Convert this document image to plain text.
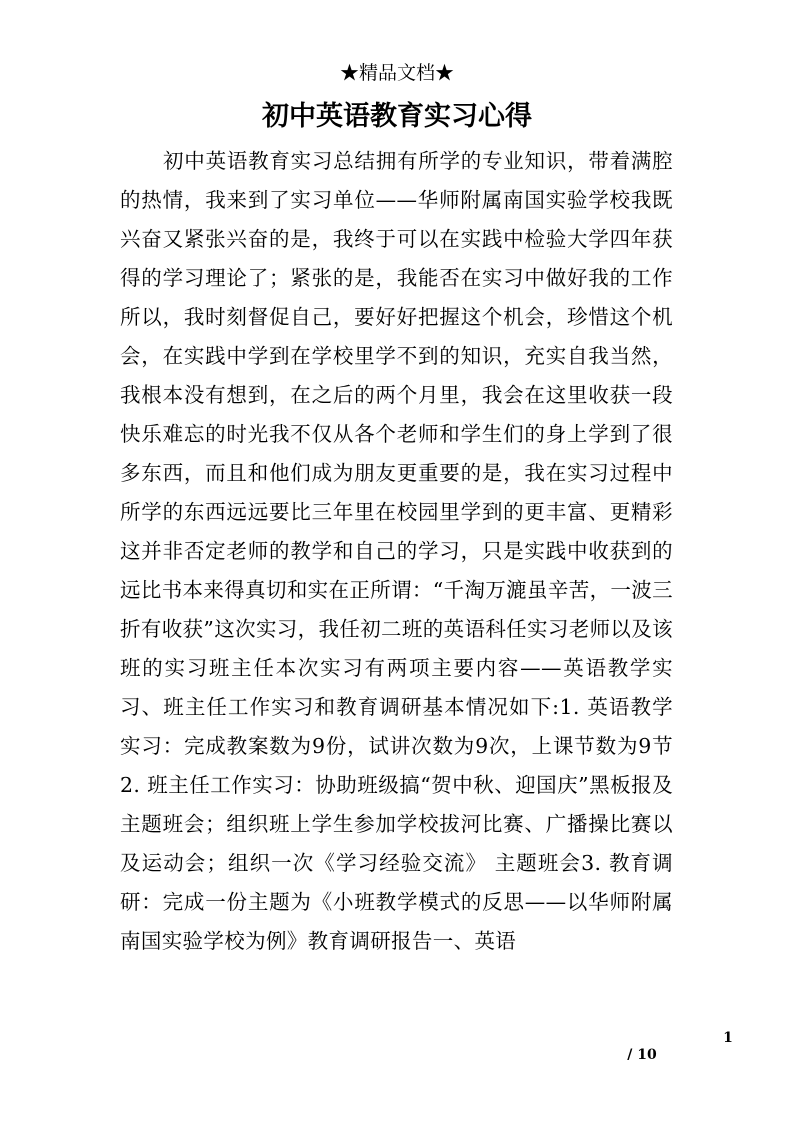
★精品文档★
初中英语教育实习心得

初中英语教育实习总结拥有所学的专业知识，带着满腔的热情，我来到了实习单位——华师附属南国实验学校我既兴奋又紧张兴奋的是，我终于可以在实践中检验大学四年获得的学习理论了；紧张的是，我能否在实习中做好我的工作所以，我时刻督促自己，要好好把握这个机会，珍惜这个机会，在实践中学到在学校里学不到的知识，充实自我当然，我根本没有想到，在之后的两个月里，我会在这里收获一段快乐难忘的时光我不仅从各个老师和学生们的身上学到了很多东西，而且和他们成为朋友更重要的是，我在实习过程中所学的东西远远要比三年里在校园里学到的更丰富、更精彩这并非否定老师的教学和自己的学习，只是实践中收获到的远比书本来得真切和实在正所谓：“千淘万漉虽辛苦，一波三折有收获”这次实习，我任初二班的英语科任实习老师以及该班的实习班主任本次实习有两项主要内容——英语教学实习、班主任工作实习和教育调研基本情况如下:1. 英语教学实习：完成教案数为9份，试讲次数为9次，上课节数为9节2. 班主任工作实习：协助班级搞“贺中秋、迎国庆”黑板报及主题班会；组织班上学生参加学校拔河比赛、广播操比赛以及运动会；组织一次《学习经验交流》 主题班会3. 教育调研：完成一份主题为《小班教学模式的反思——以华师附属南国实验学校为例》教育调研报告一、英语

1
/ 10
